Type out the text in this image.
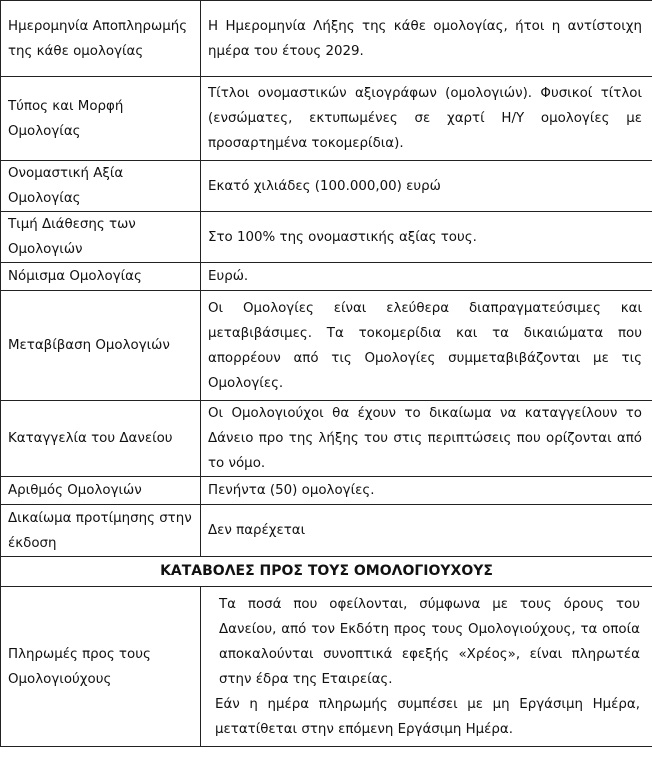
Ημερομηνία Αποπληρωμής της κάθε ομολογίας	Η Ημερομηνία Λήξης της κάθε ομολογίας, ήτοι η αντίστοιχη ημέρα του έτους 2029.
Τύπος και Μορφή Ομολογίας	Τίτλοι ονομαστικών αξιογράφων (ομολογιών). Φυσικοί τίτλοι (ενσώματες, εκτυπωμένες σε χαρτί Η/Υ ομολογίες με προσαρτημένα τοκομερίδια).
Ονομαστική Αξία Ομολογίας	Εκατό χιλιάδες (100.000,00) ευρώ
Τιμή Διάθεσης των Ομολογιών	Στο 100% της ονομαστικής αξίας τους.
Νόμισμα Ομολογίας	Ευρώ.
Μεταβίβαση Ομολογιών	Οι Ομολογίες είναι ελεύθερα διαπραγματεύσιμες και μεταβιβάσιμες. Τα τοκομερίδια και τα δικαιώματα που απορρέουν από τις Ομολογίες συμμεταβιβάζονται με τις Ομολογίες.
Καταγγελία του Δανείου	Οι Ομολογιούχοι θα έχουν το δικαίωμα να καταγγείλουν το Δάνειο προ της λήξης του στις περιπτώσεις που ορίζονται από το νόμο.
Αριθμός Ομολογιών	Πενήντα (50) ομολογίες.
Δικαίωμα προτίμησης στην έκδοση	Δεν παρέχεται
ΚΑΤΑΒΟΛΕΣ ΠΡΟΣ ΤΟΥΣ ΟΜΟΛΟΓΙΟΥΧΟΥΣ	
Πληρωμές προς τους Ομολογιούχους	Τα ποσά που οφείλονται, σύμφωνα με τους όρους του Δανείου, από τον Εκδότη προς τους Ομολογιούχους, τα οποία αποκαλούνται συνοπτικά εφεξής «Χρέος», είναι πληρωτέα στην έδρα της Εταιρείας.
Εάν η ημέρα πληρωμής συμπέσει με μη Εργάσιμη Ημέρα, μετατίθεται στην επόμενη Εργάσιμη Ημέρα.
